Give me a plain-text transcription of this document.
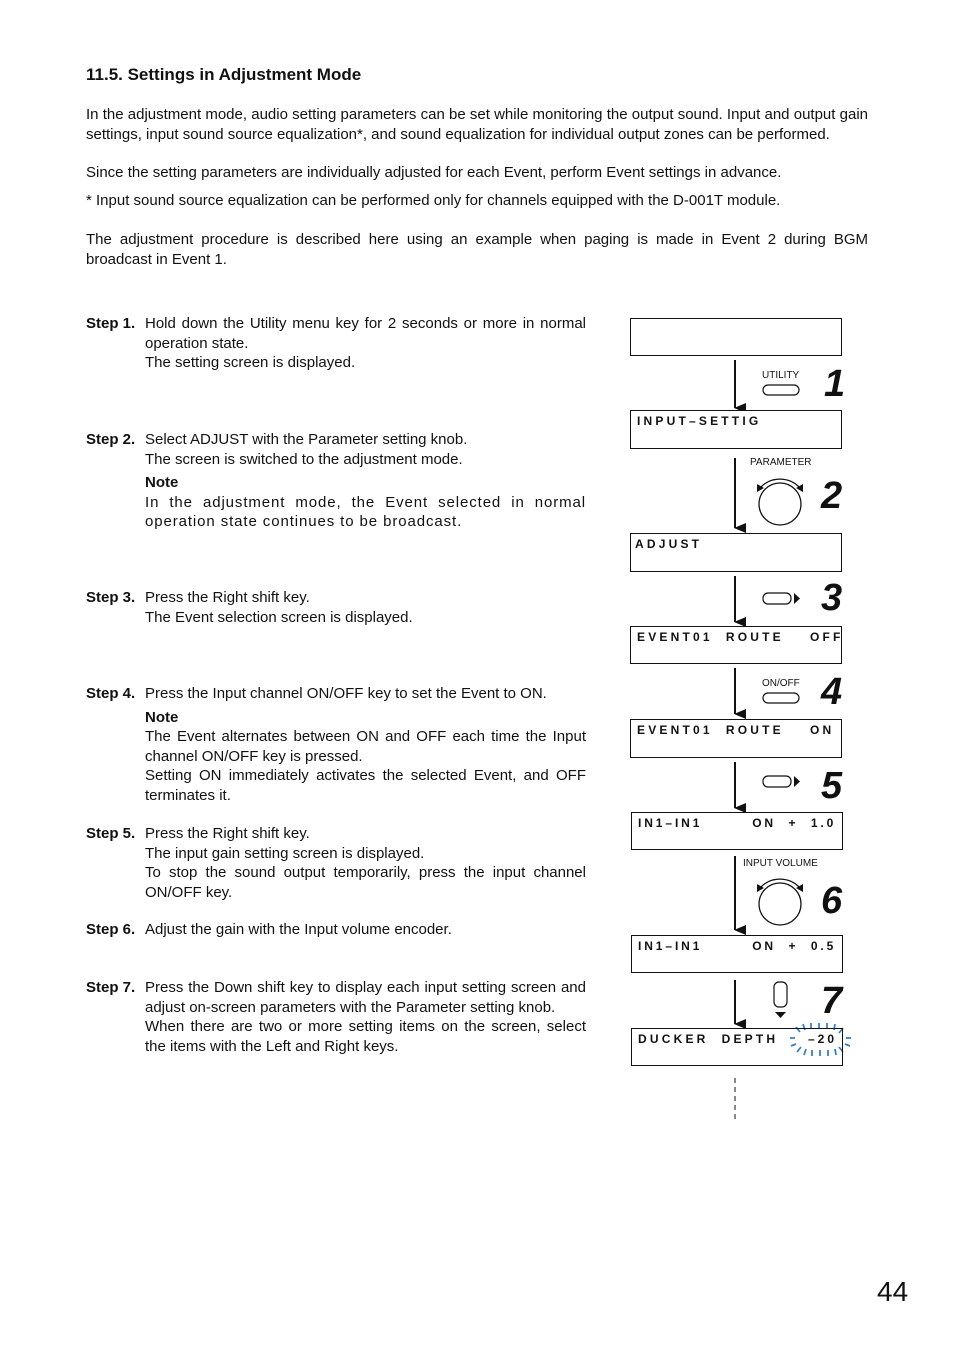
11.5. Settings in Adjustment Mode
In the adjustment mode, audio setting parameters can be set while monitoring the output sound. Input and output gain settings, input sound source equalization*, and sound equalization for individual output zones can be performed.
Since the setting parameters are individually adjusted for each Event, perform Event settings in advance.
* Input sound source equalization can be performed only for channels equipped with the D-001T module.
The adjustment procedure is described here using an example when paging is made in Event 2 during BGM broadcast in Event 1.
Step 1. Hold down the Utility menu key for 2 seconds or more in normal operation state.

The setting screen is displayed.

Step 2. Select ADJUST with the Parameter setting knob.

The screen is switched to the adjustment mode.

Note

In the adjustment mode, the Event selected in normal operation state continues to be broadcast.

Step 3. Press the Right shift key.

The Event selection screen is displayed.

Step 4. Press the Input channel ON/OFF key to set the Event to ON.

Note

The Event alternates between ON and OFF each time the Input channel ON/OFF key is pressed.

Setting ON immediately activates the selected Event, and OFF terminates it.

Step 5. Press the Right shift key.

The input gain setting screen is displayed.

To stop the sound output temporarily, press the input channel ON/OFF key.

Step 6. Adjust the gain with the Input volume encoder.

Step 7. Press the Down shift key to display each input setting screen and adjust on-screen parameters with the Parameter setting knob.

When there are two or more setting items on the screen, select the items with the Left and Right keys.

UTILITY
PARAMETER
ON/OFF
INPUT VOLUME
1
2
3
4
5
6
7
INPUT–SETTIG
ADJUST
EVENT01  ROUTE    OFF
EVENT01  ROUTE    ON
IN1–IN1        ON  +  1.0
IN1–IN1        ON  +  0.5
DUCKER  DEPTH –20
44
